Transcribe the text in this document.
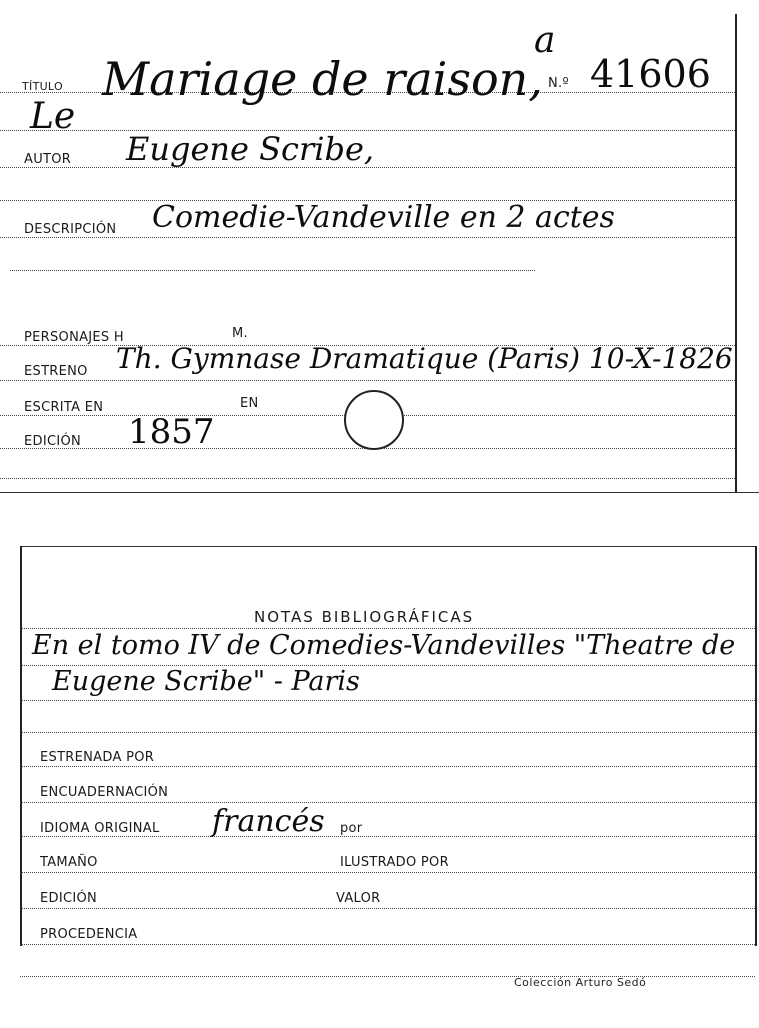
TÍTULO Mariage de raison,
a
N.º 41606
Le
AUTOR Eugene Scribe,
DESCRIPCIÓN Comedie-Vandeville en 2 actes
PERSONAJES H	M.
ESTRENO Th. Gymnase Dramatique (Paris) 10-X-1826
ESCRITA EN	EN
EDICIÓN 1857
NOTAS BIBLIOGRÁFICAS
En el tomo IV de Comedies-Vandevilles "Theatre de
Eugene Scribe" - Paris
ESTRENADA POR
ENCUADERNACIÓN
IDIOMA ORIGINAL francés por
TAMAÑO	ILUSTRADO POR
EDICIÓN	VALOR
PROCEDENCIA
Colección Arturo Sedó
